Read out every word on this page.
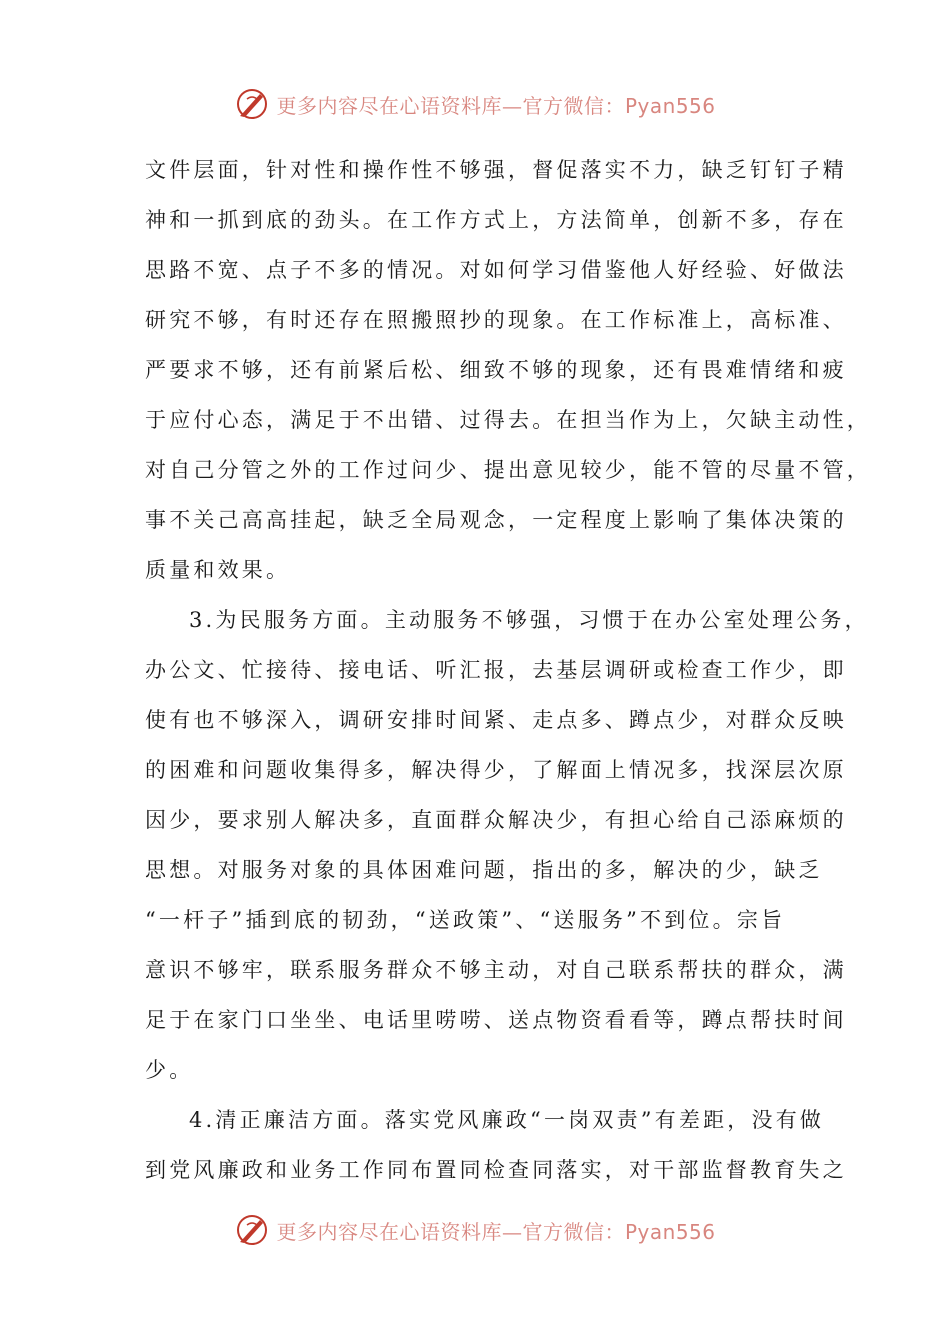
更多内容尽在心语资料库—官方微信：Pyan556
文件层面，针对性和操作性不够强，督促落实不力，缺乏钉钉子精
神和一抓到底的劲头。在工作方式上，方法简单，创新不多，存在
思路不宽、点子不多的情况。对如何学习借鉴他人好经验、好做法
研究不够，有时还存在照搬照抄的现象。在工作标准上，高标准、
严要求不够，还有前紧后松、细致不够的现象，还有畏难情绪和疲
于应付心态，满足于不出错、过得去。在担当作为上，欠缺主动性，
对自己分管之外的工作过问少、提出意见较少，能不管的尽量不管，
事不关己高高挂起，缺乏全局观念，一定程度上影响了集体决策的
质量和效果。
3.为民服务方面。主动服务不够强，习惯于在办公室处理公务，
办公文、忙接待、接电话、听汇报，去基层调研或检查工作少，即
使有也不够深入，调研安排时间紧、走点多、蹲点少，对群众反映
的困难和问题收集得多，解决得少，了解面上情况多，找深层次原
因少，要求别人解决多，直面群众解决少，有担心给自己添麻烦的
思想。对服务对象的具体困难问题，指出的多，解决的少，缺乏
“一杆子”插到底的韧劲，“送政策”、“送服务”不到位。宗旨
意识不够牢，联系服务群众不够主动，对自己联系帮扶的群众，满
足于在家门口坐坐、电话里唠唠、送点物资看看等，蹲点帮扶时间
少。
4.清正廉洁方面。落实党风廉政“一岗双责”有差距，没有做
到党风廉政和业务工作同布置同检查同落实，对干部监督教育失之
更多内容尽在心语资料库—官方微信：Pyan556
